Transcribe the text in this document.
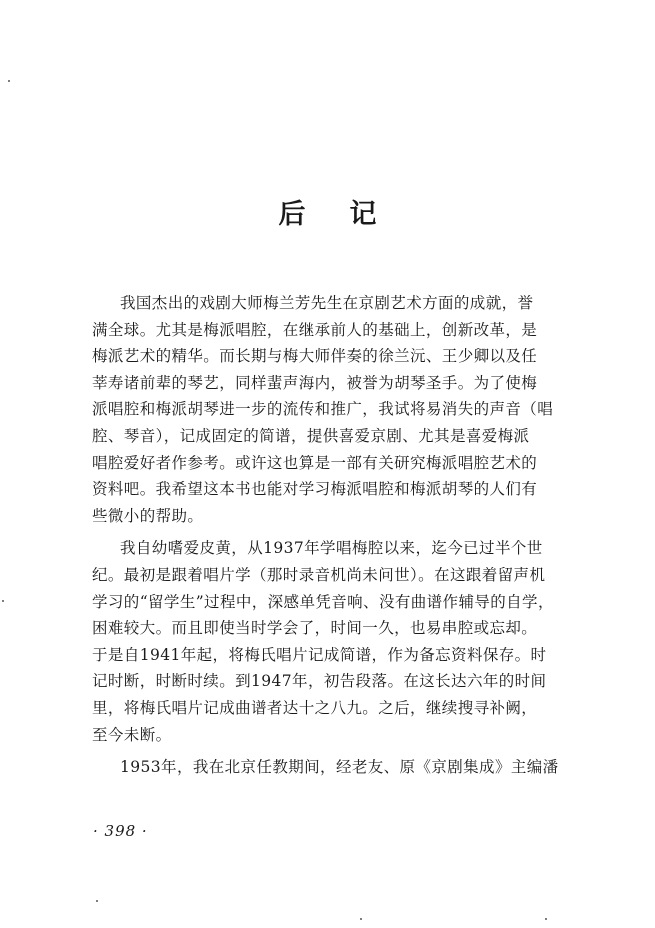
后 记
我国杰出的戏剧大师梅兰芳先生在京剧艺术方面的成就，誉
满全球。尤其是梅派唱腔，在继承前人的基础上，创新改革，是
梅派艺术的精华。而长期与梅大师伴奏的徐兰沅、王少卿以及任
莘寿诸前辈的琴艺，同样蜚声海内，被誉为胡琴圣手。为了使梅
派唱腔和梅派胡琴进一步的流传和推广，我试将易消失的声音（唱
腔、琴音），记成固定的简谱，提供喜爱京剧、尤其是喜爱梅派
唱腔爱好者作参考。或许这也算是一部有关研究梅派唱腔艺术的
资料吧。我希望这本书也能对学习梅派唱腔和梅派胡琴的人们有
些微小的帮助。
我自幼嗜爱皮黄，从1937年学唱梅腔以来，迄今已过半个世
纪。最初是跟着唱片学（那时录音机尚未问世）。在这跟着留声机
学习的“留学生”过程中，深感单凭音响、没有曲谱作辅导的自学，
困难较大。而且即使当时学会了，时间一久，也易串腔或忘却。
于是自1941年起，将梅氏唱片记成简谱，作为备忘资料保存。时
记时断，时断时续。到1947年，初告段落。在这长达六年的时间
里，将梅氏唱片记成曲谱者达十之八九。之后，继续搜寻补阙，
至今未断。
1953年，我在北京任教期间，经老友、原《京剧集成》主编潘
· 398 ·
